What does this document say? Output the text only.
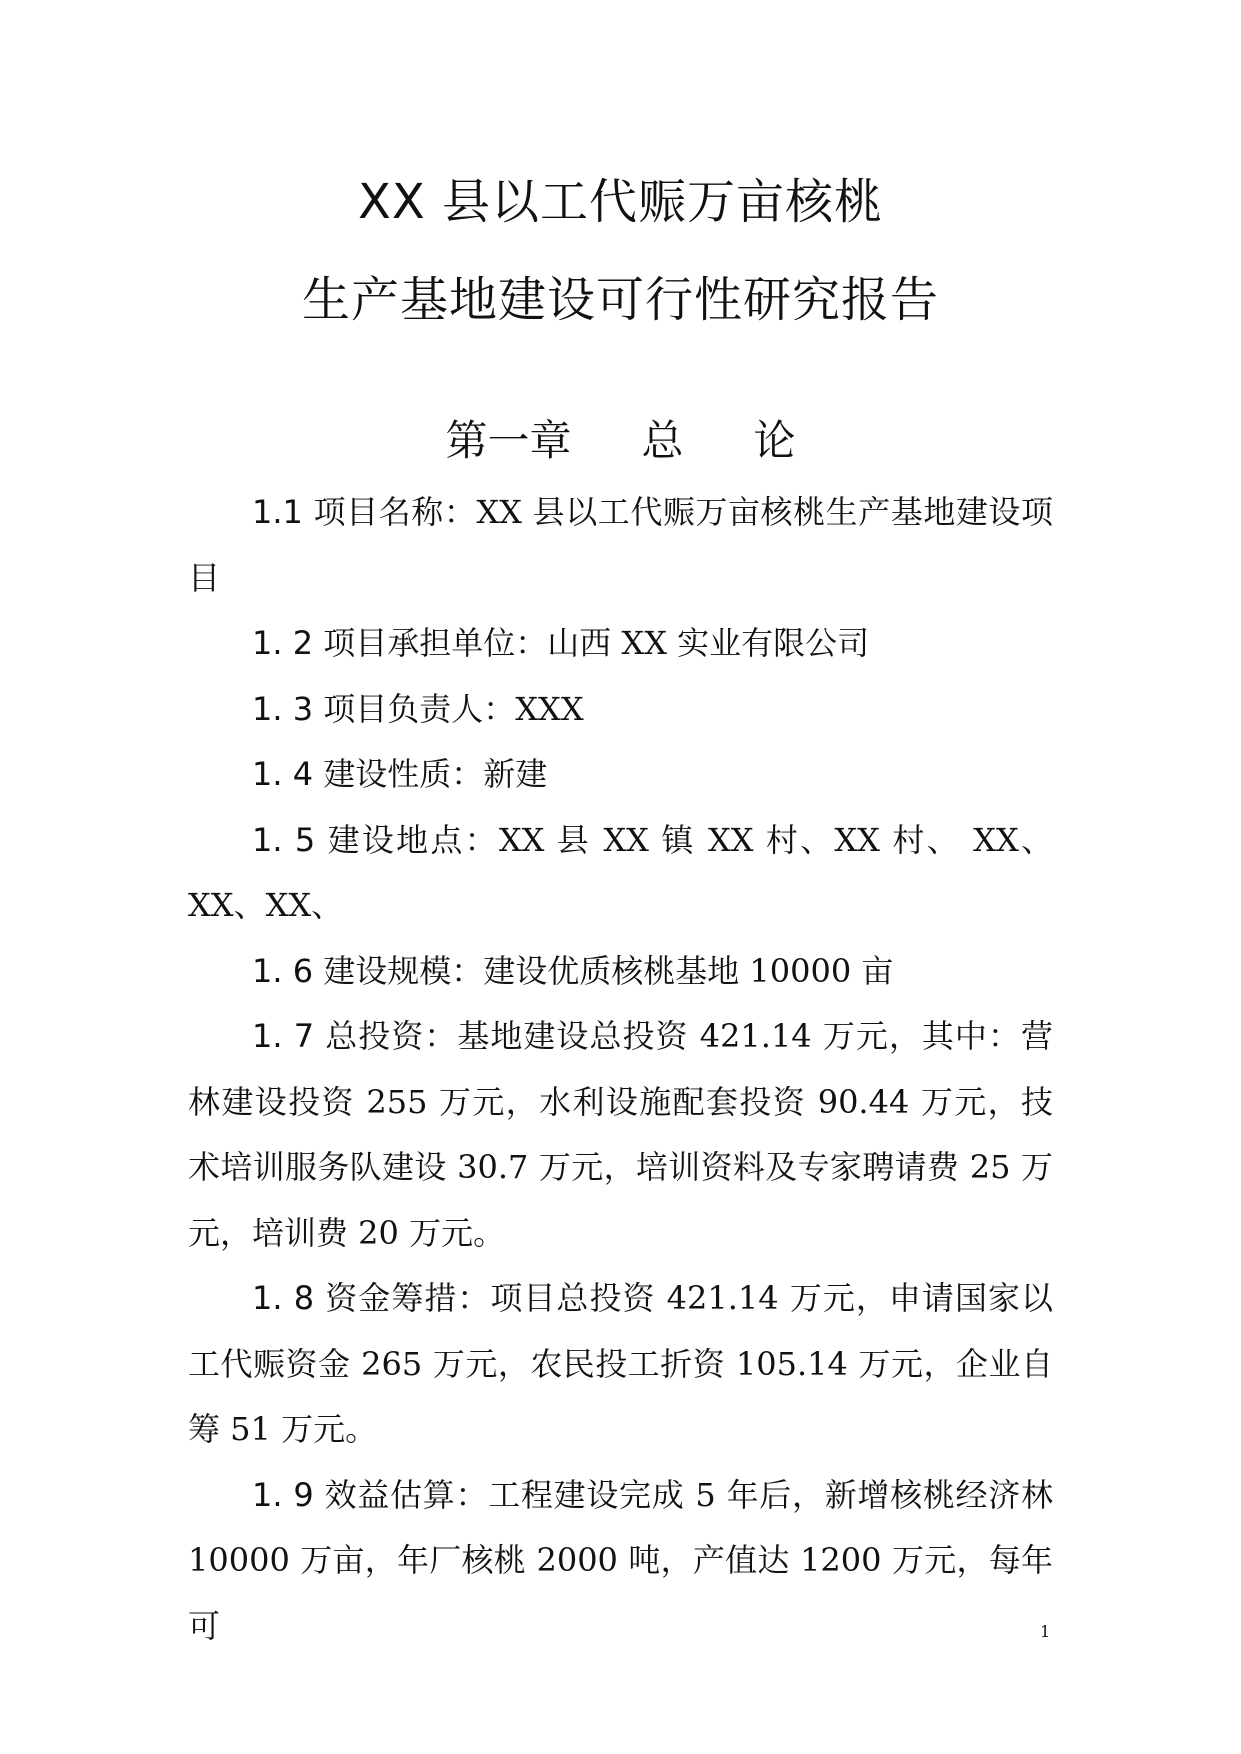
XX 县以工代赈万亩核桃
生产基地建设可行性研究报告
第一章 总 论

1.1 项目名称：XX 县以工代赈万亩核桃生产基地建设项目

1. 2 项目承担单位：山西 XX 实业有限公司

1. 3 项目负责人：XXX

1. 4 建设性质：新建

1. 5 建设地点：XX 县 XX 镇 XX 村、XX 村、 XX、XX、XX、

1. 6 建设规模：建设优质核桃基地 10000 亩

1. 7 总投资：基地建设总投资 421.14 万元，其中：营林建设投资 255 万元，水利设施配套投资 90.44 万元，技术培训服务队建设 30.7 万元，培训资料及专家聘请费 25 万元，培训费 20 万元。

1. 8 资金筹措：项目总投资 421.14 万元，申请国家以工代赈资金 265 万元，农民投工折资 105.14 万元，企业自筹 51 万元。

1. 9 效益估算：工程建设完成 5 年后，新增核桃经济林 10000 万亩，年厂核桃 2000 吨，产值达 1200 万元，每年可	1
